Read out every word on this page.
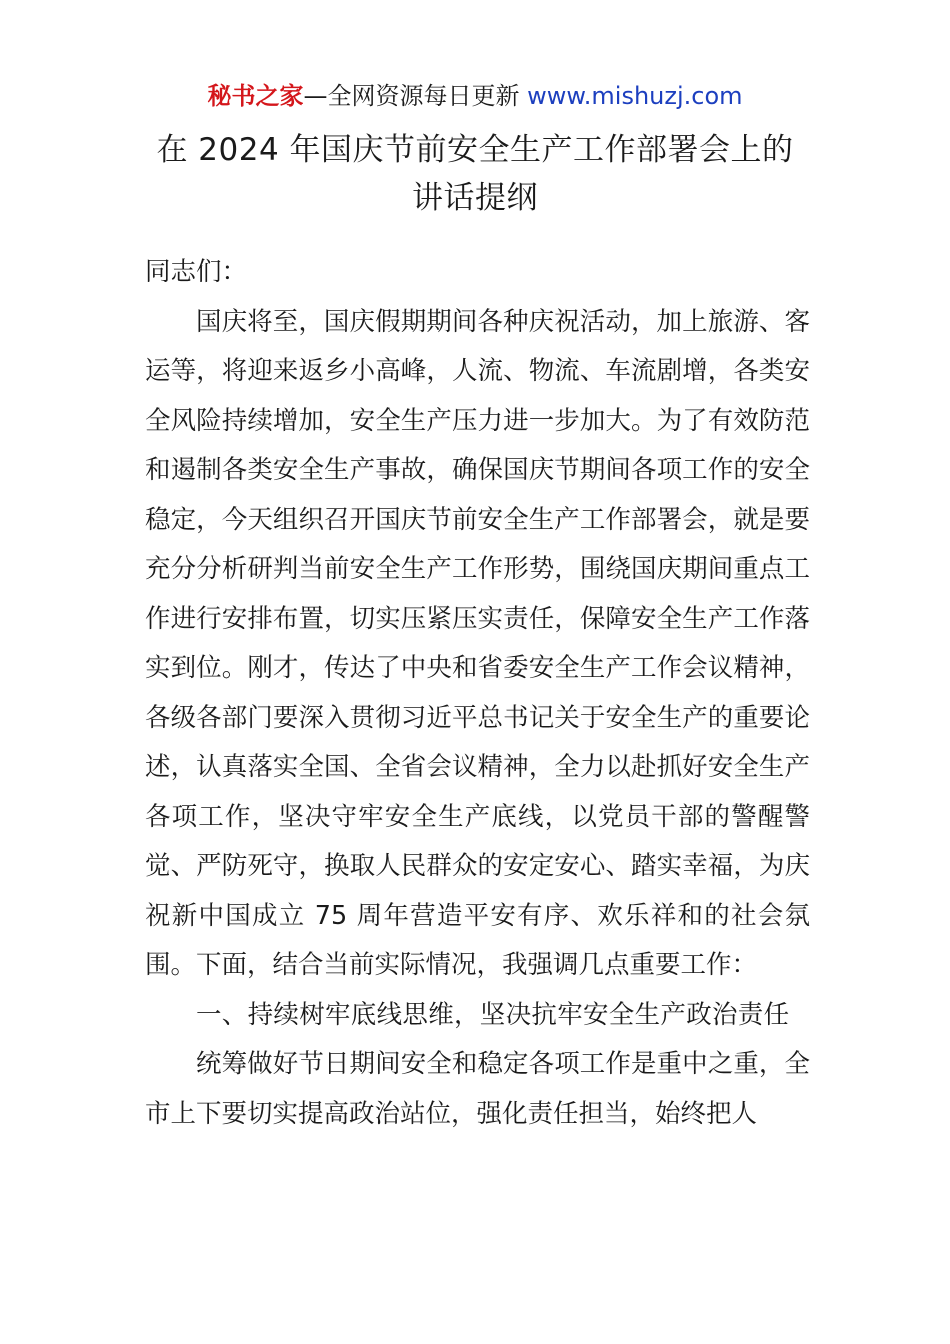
秘书之家—全网资源每日更新 www.mishuzj.com
在 2024 年国庆节前安全生产工作部署会上的
讲话提纲

同志们：

国庆将至，国庆假期期间各种庆祝活动，加上旅游、客运等，将迎来返乡小高峰，人流、物流、车流剧增，各类安全风险持续增加，安全生产压力进一步加大。为了有效防范和遏制各类安全生产事故，确保国庆节期间各项工作的安全稳定，今天组织召开国庆节前安全生产工作部署会，就是要充分分析研判当前安全生产工作形势，围绕国庆期间重点工作进行安排布置，切实压紧压实责任，保障安全生产工作落实到位。刚才，传达了中央和省委安全生产工作会议精神，各级各部门要深入贯彻习近平总书记关于安全生产的重要论述，认真落实全国、全省会议精神，全力以赴抓好安全生产各项工作，坚决守牢安全生产底线，以党员干部的警醒警觉、严防死守，换取人民群众的安定安心、踏实幸福，为庆祝新中国成立 75 周年营造平安有序、欢乐祥和的社会氛围。下面，结合当前实际情况，我强调几点重要工作：

一、持续树牢底线思维，坚决抗牢安全生产政治责任

统筹做好节日期间安全和稳定各项工作是重中之重，全市上下要切实提高政治站位，强化责任担当，始终把人
